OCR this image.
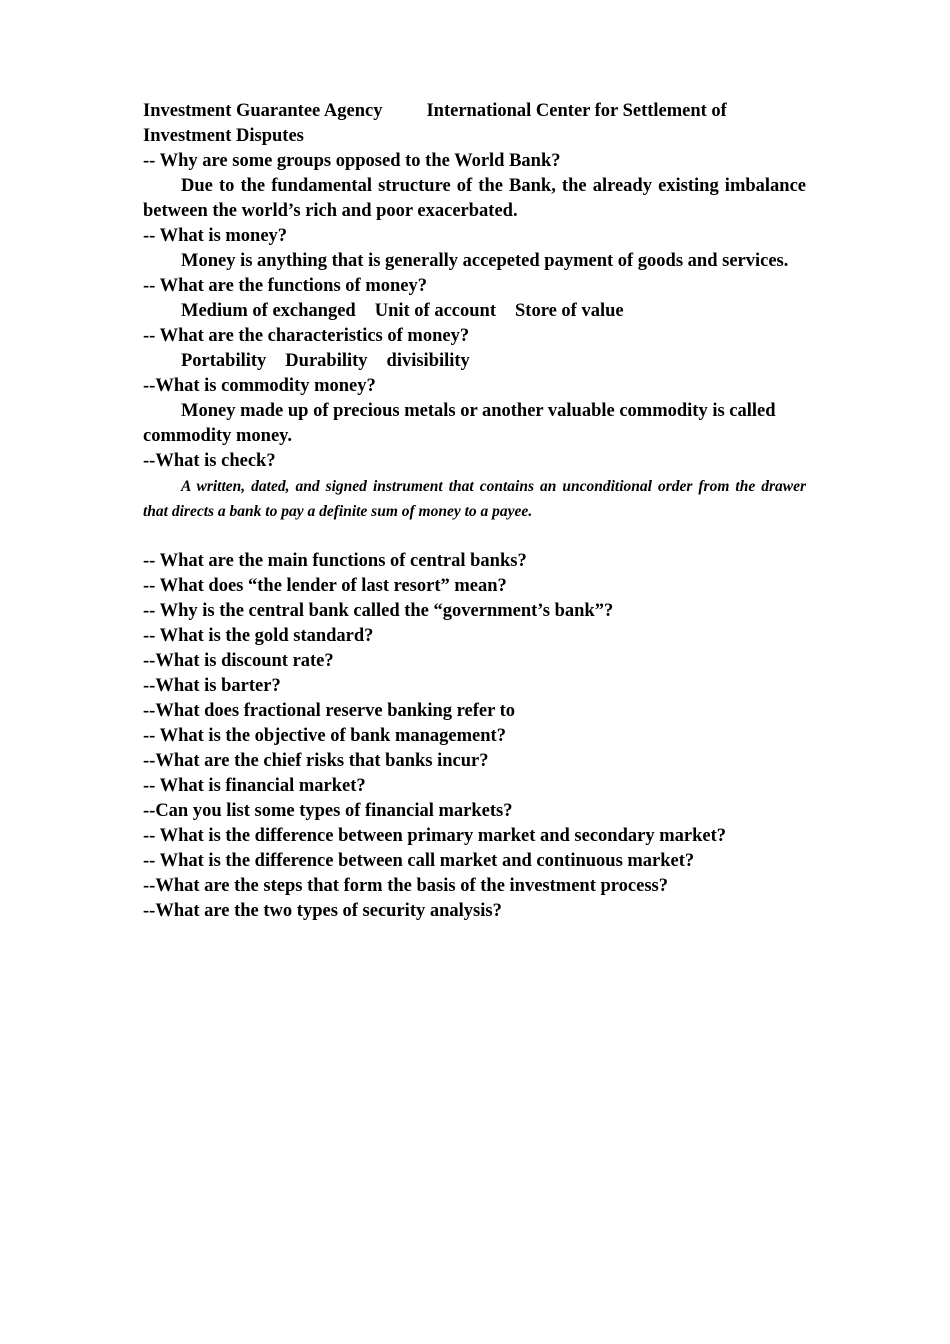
Investment Guarantee Agency International Center for Settlement of
Investment Disputes
-- Why are some groups opposed to the World Bank?
Due to the fundamental structure of the Bank, the already existing imbalance between the world’s rich and poor exacerbated.
-- What is money?
Money is anything that is generally accepeted payment of goods and services.
-- What are the functions of money?
Medium of exchanged Unit of account Store of value
-- What are the characteristics of money?
Portability Durability divisibility
--What is commodity money?
Money made up of precious metals or another valuable commodity is called commodity money.
--What is check?
A written, dated, and signed instrument that contains an unconditional order from the drawer that directs a bank to pay a definite sum of money to a payee.
-- What are the main functions of central banks?
-- What does “the lender of last resort” mean?
-- Why is the central bank called the “government’s bank”?
-- What is the gold standard?
--What is discount rate?
--What is barter?
--What does fractional reserve banking refer to
-- What is the objective of bank management?
--What are the chief risks that banks incur?
-- What is financial market?
--Can you list some types of financial markets?
-- What is the difference between primary market and secondary market?
-- What is the difference between call market and continuous market?
--What are the steps that form the basis of the investment process?
--What are the two types of security analysis?
